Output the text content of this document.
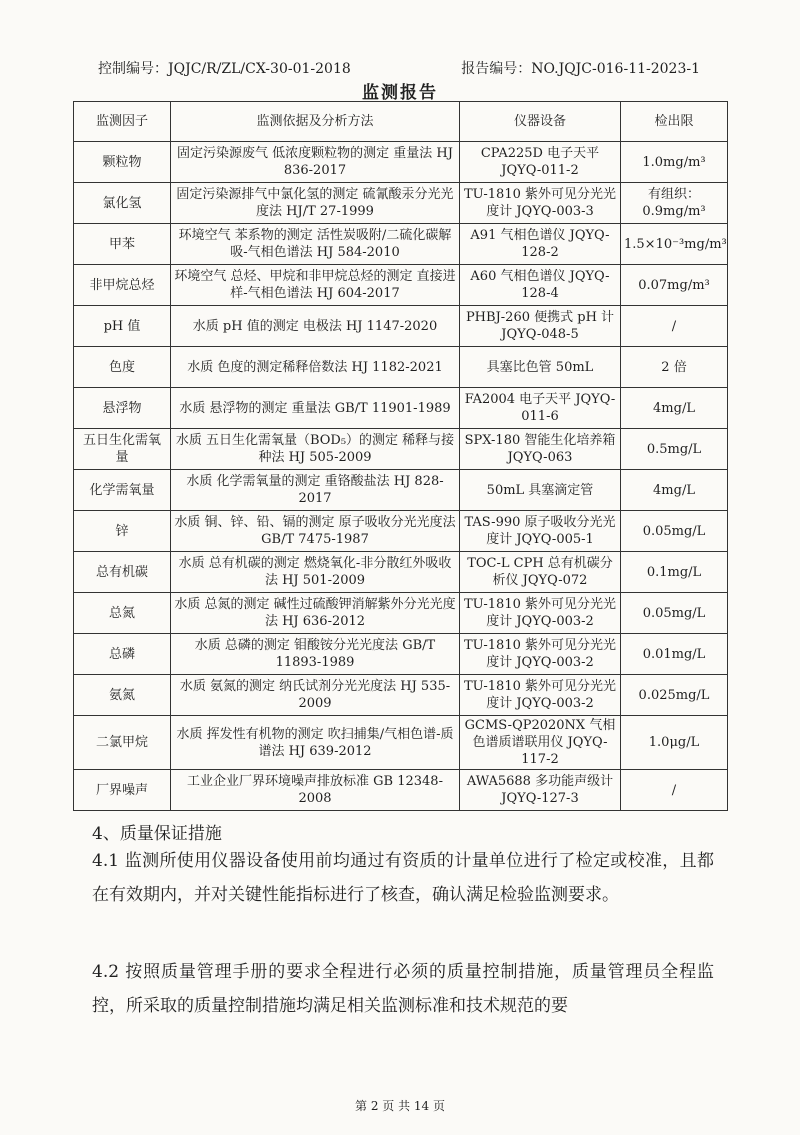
控制编号：JQJC/R/ZL/CX-30-01-2018	报告编号：NO.JQJC-016-11-2023-1
监测报告
监测因子	监测依据及分析方法	仪器设备	检出限
颗粒物	固定污染源废气 低浓度颗粒物的测定 重量法 HJ 836-2017	CPA225D 电子天平 JQYQ-011-2	1.0mg/m³
氯化氢	固定污染源排气中氯化氢的测定 硫氰酸汞分光光度法 HJ/T 27-1999	TU-1810 紫外可见分光光度计 JQYQ-003-3	有组织：0.9mg/m³
甲苯	环境空气 苯系物的测定 活性炭吸附/二硫化碳解吸-气相色谱法 HJ 584-2010	A91 气相色谱仪 JQYQ-128-2	1.5×10⁻³mg/m³
非甲烷总烃	环境空气 总烃、甲烷和非甲烷总烃的测定 直接进样-气相色谱法 HJ 604-2017	A60 气相色谱仪 JQYQ-128-4	0.07mg/m³
pH 值	水质 pH 值的测定 电极法 HJ 1147-2020	PHBJ-260 便携式 pH 计 JQYQ-048-5	/
色度	水质 色度的测定稀释倍数法 HJ 1182-2021	具塞比色管 50mL	2 倍
悬浮物	水质 悬浮物的测定 重量法 GB/T 11901-1989	FA2004 电子天平 JQYQ-011-6	4mg/L
五日生化需氧量	水质 五日生化需氧量（BOD₅）的测定 稀释与接种法 HJ 505-2009	SPX-180 智能生化培养箱 JQYQ-063	0.5mg/L
化学需氧量	水质 化学需氧量的测定 重铬酸盐法 HJ 828-2017	50mL 具塞滴定管	4mg/L
锌	水质 铜、锌、铅、镉的测定 原子吸收分光光度法 GB/T 7475-1987	TAS-990 原子吸收分光光度计 JQYQ-005-1	0.05mg/L
总有机碳	水质 总有机碳的测定 燃烧氧化-非分散红外吸收法 HJ 501-2009	TOC-L CPH 总有机碳分析仪 JQYQ-072	0.1mg/L
总氮	水质 总氮的测定 碱性过硫酸钾消解紫外分光光度法 HJ 636-2012	TU-1810 紫外可见分光光度计 JQYQ-003-2	0.05mg/L
总磷	水质 总磷的测定 钼酸铵分光光度法 GB/T 11893-1989	TU-1810 紫外可见分光光度计 JQYQ-003-2	0.01mg/L
氨氮	水质 氨氮的测定 纳氏试剂分光光度法 HJ 535-2009	TU-1810 紫外可见分光光度计 JQYQ-003-2	0.025mg/L
二氯甲烷	水质 挥发性有机物的测定 吹扫捕集/气相色谱-质谱法 HJ 639-2012	GCMS-QP2020NX 气相色谱质谱联用仪 JQYQ-117-2	1.0μg/L
厂界噪声	工业企业厂界环境噪声排放标准 GB 12348-2008	AWA5688 多功能声级计 JQYQ-127-3	/
4、质量保证措施
4.1 监测所使用仪器设备使用前均通过有资质的计量单位进行了检定或校准，且都在有效期内，并对关键性能指标进行了核查，确认满足检验监测要求。
4.2 按照质量管理手册的要求全程进行必须的质量控制措施，质量管理员全程监控，所采取的质量控制措施均满足相关监测标准和技术规范的要
第 2 页 共 14 页
